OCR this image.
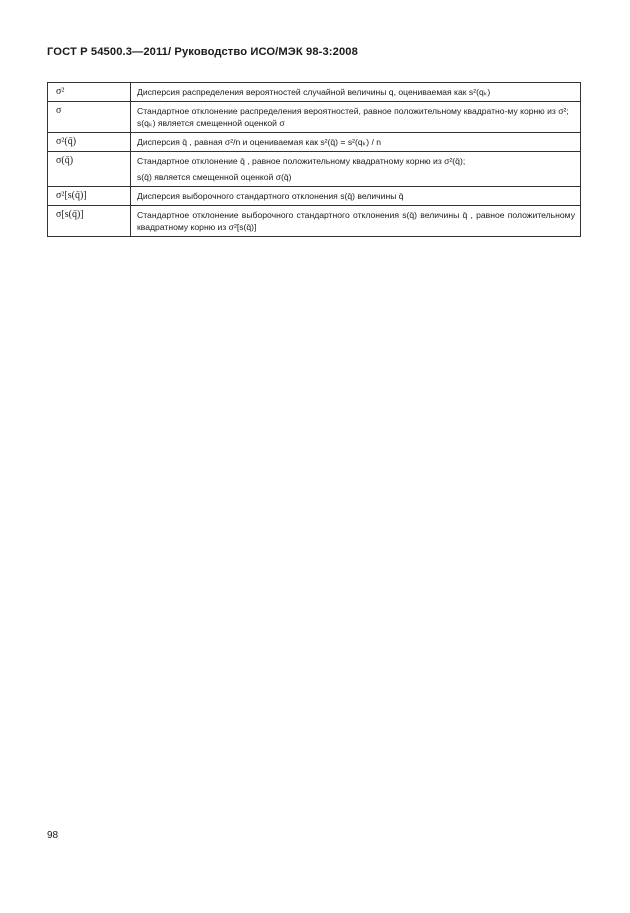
ГОСТ Р 54500.3—2011/ Руководство ИСО/МЭК 98-3:2008
σ²	Дисперсия распределения вероятностей случайной величины q, оцениваемая как s²(qₖ)

σ	Стандартное отклонение распределения вероятностей, равное положительному квадратно-му корню из σ²;
s(qₖ) является смещенной оценкой σ

σ²(q̄)	Дисперсия q̄ , равная σ²/n и оцениваемая как s²(q̄) = s²(qₖ) / n

σ(q̄)	Стандартное отклонение q̄ , равное положительному квадратному корню из σ²(q̄);
s(q̄) является смещенной оценкой σ(q̄)

σ²[s(q̄)]	Дисперсия выборочного стандартного отклонения s(q̄) величины q̄

σ[s(q̄)]	Стандартное отклонение выборочного стандартного отклонения s(q̄) величины q̄ , равное положительному квадратному корню из σ²[s(q̄)]
98
